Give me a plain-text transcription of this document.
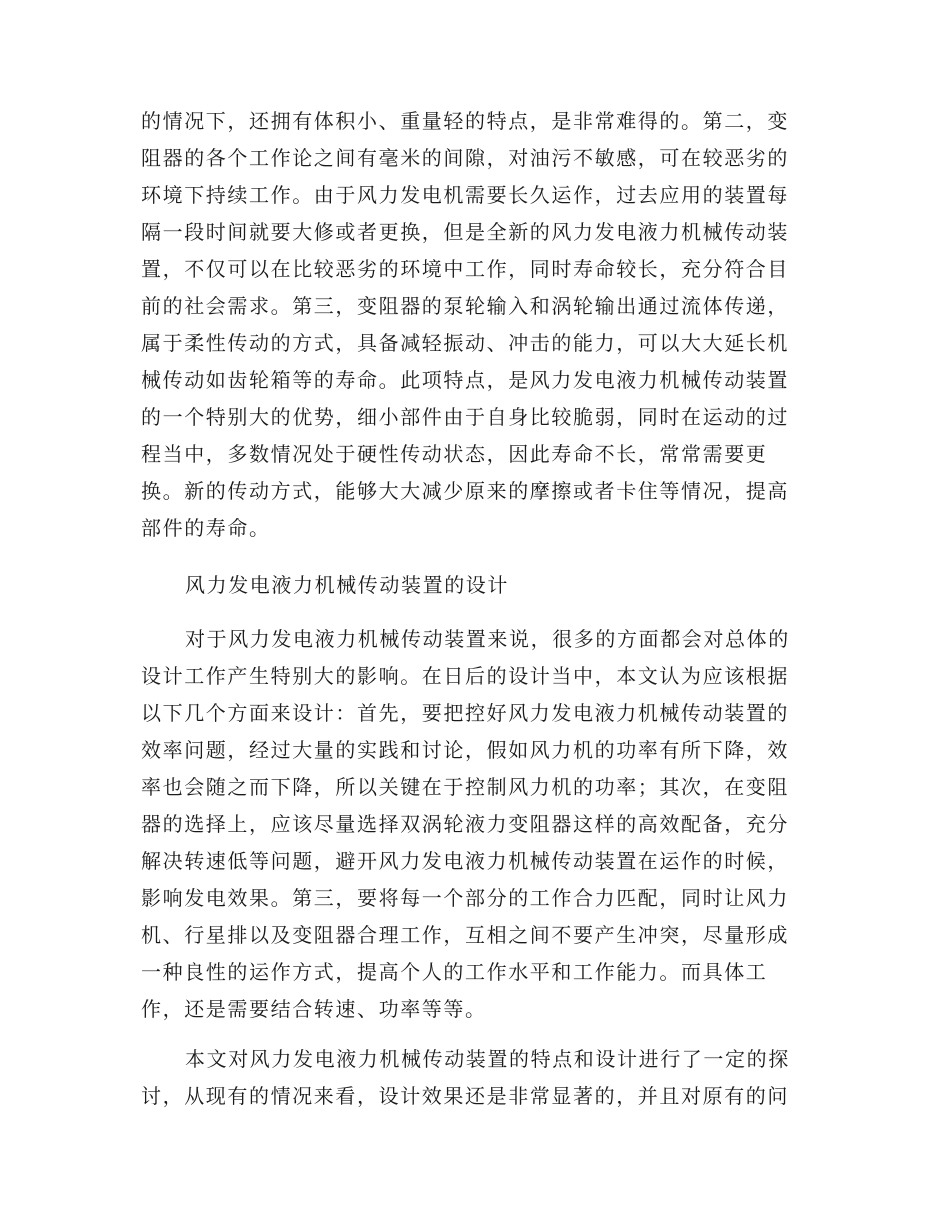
的情况下，还拥有体积小、重量轻的特点，是非常难得的。第二，变
阻器的各个工作论之间有毫米的间隙，对油污不敏感，可在较恶劣的
环境下持续工作。由于风力发电机需要长久运作，过去应用的装置每
隔一段时间就要大修或者更换，但是全新的风力发电液力机械传动装
置，不仅可以在比较恶劣的环境中工作，同时寿命较长，充分符合目
前的社会需求。第三，变阻器的泵轮输入和涡轮输出通过流体传递，
属于柔性传动的方式，具备减轻振动、冲击的能力，可以大大延长机
械传动如齿轮箱等的寿命。此项特点，是风力发电液力机械传动装置
的一个特别大的优势，细小部件由于自身比较脆弱，同时在运动的过
程当中，多数情况处于硬性传动状态，因此寿命不长，常常需要更
换。新的传动方式，能够大大减少原来的摩擦或者卡住等情况，提高
部件的寿命。
风力发电液力机械传动装置的设计
对于风力发电液力机械传动装置来说，很多的方面都会对总体的
设计工作产生特别大的影响。在日后的设计当中，本文认为应该根据
以下几个方面来设计：首先，要把控好风力发电液力机械传动装置的
效率问题，经过大量的实践和讨论，假如风力机的功率有所下降，效
率也会随之而下降，所以关键在于控制风力机的功率；其次，在变阻
器的选择上，应该尽量选择双涡轮液力变阻器这样的高效配备，充分
解决转速低等问题，避开风力发电液力机械传动装置在运作的时候，
影响发电效果。第三，要将每一个部分的工作合力匹配，同时让风力
机、行星排以及变阻器合理工作，互相之间不要产生冲突，尽量形成
一种良性的运作方式，提高个人的工作水平和工作能力。而具体工
作，还是需要结合转速、功率等等。
本文对风力发电液力机械传动装置的特点和设计进行了一定的探
讨，从现有的情况来看，设计效果还是非常显著的，并且对原有的问
